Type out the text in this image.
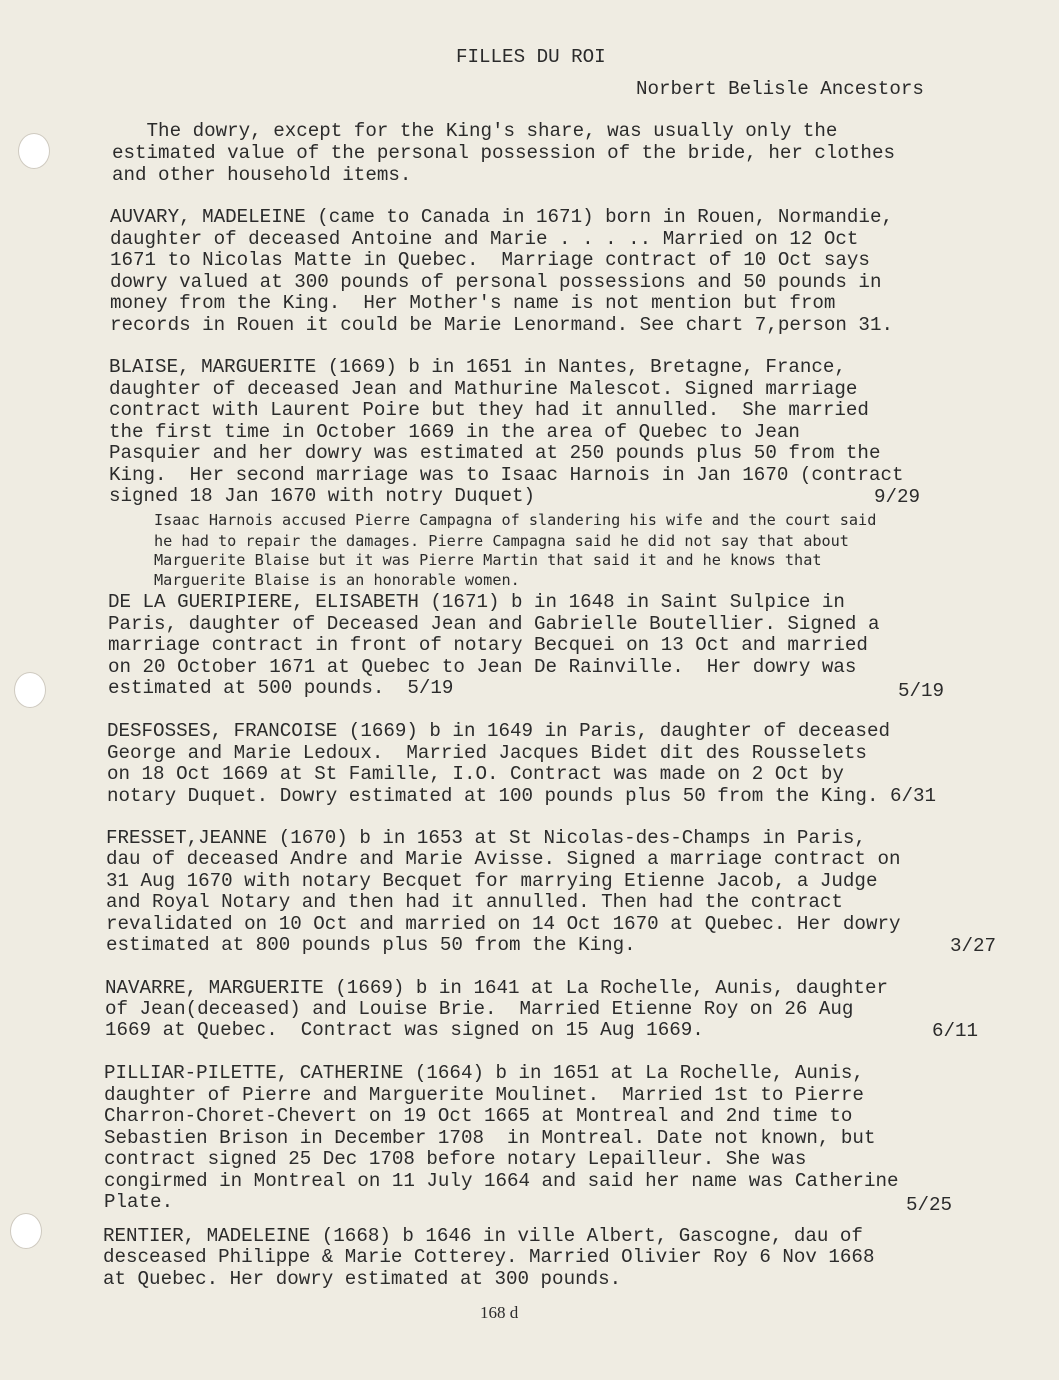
FILLES DU ROI
Norbert Belisle Ancestors
The dowry, except for the King's share, was usually only the
estimated value of the personal possession of the bride, her clothes
and other household items.
AUVARY, MADELEINE (came to Canada in 1671) born in Rouen, Normandie,
daughter of deceased Antoine and Marie . . . .. Married on 12 Oct
1671 to Nicolas Matte in Quebec.  Marriage contract of 10 Oct says
dowry valued at 300 pounds of personal possessions and 50 pounds in
money from the King.  Her Mother's name is not mention but from
records in Rouen it could be Marie Lenormand. See chart 7,person 31.
BLAISE, MARGUERITE (1669) b in 1651 in Nantes, Bretagne, France,
daughter of deceased Jean and Mathurine Malescot. Signed marriage
contract with Laurent Poire but they had it annulled.  She married
the first time in October 1669 in the area of Quebec to Jean
Pasquier and her dowry was estimated at 250 pounds plus 50 from the
King.  Her second marriage was to Isaac Harnois in Jan 1670 (contract
signed 18 Jan 1670 with notry Duquet)	9/29
Isaac Harnois accused Pierre Campagna of slandering his wife and the court said
he had to repair the damages. Pierre Campagna said he did not say that about
Marguerite Blaise but it was Pierre Martin that said it and he knows that
Marguerite Blaise is an honorable women.
DE LA GUERIPIERE, ELISABETH (1671) b in 1648 in Saint Sulpice in
Paris, daughter of Deceased Jean and Gabrielle Boutellier. Signed a
marriage contract in front of notary Becquei on 13 Oct and married
on 20 October 1671 at Quebec to Jean De Rainville.  Her dowry was
estimated at 500 pounds.  5/19	5/19
DESFOSSES, FRANCOISE (1669) b in 1649 in Paris, daughter of deceased
George and Marie Ledoux.  Married Jacques Bidet dit des Rousselets
on 18 Oct 1669 at St Famille, I.O. Contract was made on 2 Oct by
notary Duquet. Dowry estimated at 100 pounds plus 50 from the King. 6/31
FRESSET,JEANNE (1670) b in 1653 at St Nicolas-des-Champs in Paris,
dau of deceased Andre and Marie Avisse. Signed a marriage contract on
31 Aug 1670 with notary Becquet for marrying Etienne Jacob, a Judge
and Royal Notary and then had it annulled. Then had the contract
revalidated on 10 Oct and married on 14 Oct 1670 at Quebec. Her dowry
estimated at 800 pounds plus 50 from the King.	3/27
NAVARRE, MARGUERITE (1669) b in 1641 at La Rochelle, Aunis, daughter
of Jean(deceased) and Louise Brie.  Married Etienne Roy on 26 Aug
1669 at Quebec.  Contract was signed on 15 Aug 1669.	6/11
PILLIAR-PILETTE, CATHERINE (1664) b in 1651 at La Rochelle, Aunis,
daughter of Pierre and Marguerite Moulinet.  Married 1st to Pierre
Charron-Choret-Chevert on 19 Oct 1665 at Montreal and 2nd time to
Sebastien Brison in December 1708  in Montreal. Date not known, but
contract signed 25 Dec 1708 before notary Lepailleur. She was
conɡirmed in Montreal on 11 July 1664 and said her name was Catherine
Plate.	5/25
RENTIER, MADELEINE (1668) b 1646 in ville Albert, Gascogne, dau of
desceased Philippe & Marie Cotterey. Married Olivier Roy 6 Nov 1668
at Quebec. Her dowry estimated at 300 pounds.
168 d
